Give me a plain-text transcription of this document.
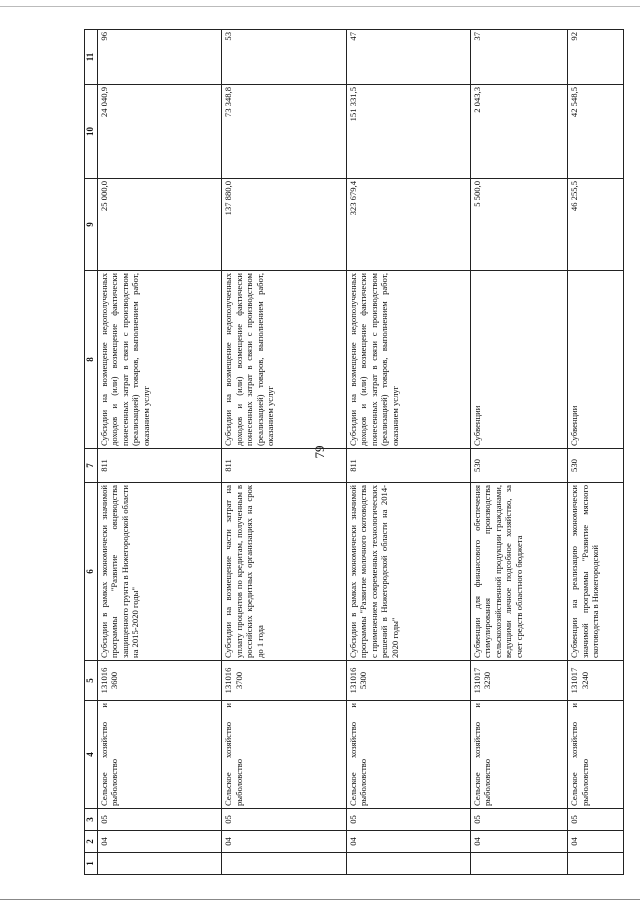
79
1	2	3	4	5	6	7	8	9	10	11
	04	05	Сельское хозяйство и рыболовство	131016 3600	Субсидии в рамках экономически значимой программы "Развитие овцеводства защищенного грунта в Нижегородской области на 2015-2020 годы"	811	Субсидии на возмещение недополученных доходов и (или) возмещение фактически понесенных затрат в связи с производством (реализацией) товаров, выполнением работ, оказанием услуг	25 000,0	24 040,9	96
	04	05	Сельское хозяйство и рыболовство	131016 3700	Субсидии на возмещение части затрат на уплату процентов по кредитам, полученным в российских кредитных организациях на срок до 1 года	811	Субсидии на возмещение недополученных доходов и (или) возмещение фактически понесенных затрат в связи с производством (реализацией) товаров, выполнением работ, оказанием услуг	137 880,0	73 348,8	53
	04	05	Сельское хозяйство и рыболовство	131016 5300	Субсидии в рамках экономически значимой программы "Развитие молочного скотоводства с применением современных технологических решений в Нижегородской области на 2014-2020 годы"	811	Субсидии на возмещение недополученных доходов и (или) возмещение фактически понесенных затрат в связи с производством (реализацией) товаров, выполнением работ, оказанием услуг	323 679,4	151 331,5	47
	04	05	Сельское хозяйство и рыболовство	131017 3230	Субвенции для финансового обеспечения стимулирования производства сельскохозяйственной продукции гражданами, ведущими личное подсобное хозяйство, за счет средств областного бюджета	530	Субвенции	5 500,0	2 043,3	37
	04	05	Сельское хозяйство и рыболовство	131017 3240	Субвенции на реализацию экономически значимой программы "Развитие мясного скотоводства в Нижегородской	530	Субвенции	46 255,5	42 548,5	92
